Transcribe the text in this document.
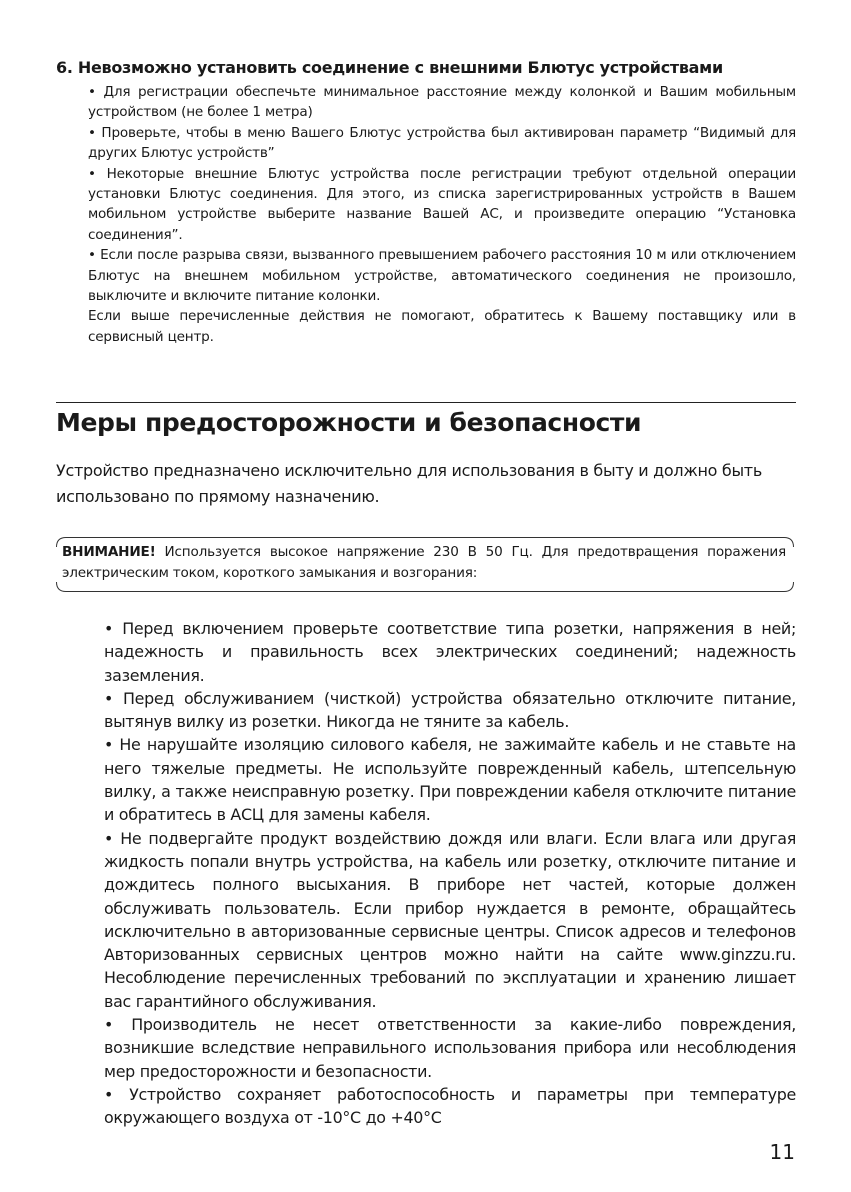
6. Невозможно установить соединение с внешними Блютус устройствами

• Для регистрации обеспечьте минимальное расстояние между колонкой и Вашим мобильным устройством (не более 1 метра)

• Проверьте, чтобы в меню Вашего Блютус устройства был активирован параметр “Видимый для других Блютус устройств”

• Некоторые внешние Блютус устройства после регистрации требуют отдельной операции установки Блютус соединения. Для этого, из списка зарегистрированных устройств в Вашем мобильном устройстве выберите название Вашей АС, и произведите операцию “Установка соединения”.

• Если после разрыва связи, вызванного превышением рабочего расстояния 10 м или отключением Блютус на внешнем мобильном устройстве, автоматического соединения не произошло, выключите и включите питание колонки.

Если выше перечисленные действия не помогают, обратитесь к Вашему поставщику или в сервисный центр.

Меры предосторожности и безопасности
Устройство предназначено исключительно для использования в быту и должно быть использовано по прямому назначению.
ВНИМАНИЕ! Используется высокое напряжение 230 В 50 Гц. Для предотвращения поражения электрическим током, короткого замыкания и возгорания:

• Перед включением проверьте соответствие типа розетки, напряжения в ней; надежность и правильность всех электрических соединений; надежность заземления.

• Перед обслуживанием (чисткой) устройства обязательно отключите питание, вытянув вилку из розетки. Никогда не тяните за кабель.

• Не нарушайте изоляцию силового кабеля, не зажимайте кабель и не ставьте на него тяжелые предметы. Не используйте поврежденный кабель, штепсельную вилку, а также неисправную розетку. При повреждении кабеля отключите питание и обратитесь в АСЦ для замены кабеля.

• Не подвергайте продукт воздействию дождя или влаги. Если влага или другая жидкость попали внутрь устройства, на кабель или розетку, отключите питание и дождитесь полного высыхания. В приборе нет частей, которые должен обслуживать пользователь. Если прибор нуждается в ремонте, обращайтесь исключительно в авторизованные сервисные центры. Список адресов и телефонов Авторизованных сервисных центров можно найти на сайте www.ginzzu.ru. Несоблюдение перечисленных требований по эксплуатации и хранению лишает вас гарантийного обслуживания.

• Производитель не несет ответственности за какие-либо повреждения, возникшие вследствие неправильного использования прибора или несоблюдения мер предосторожности и безопасности.

• Устройство сохраняет работоспособность и параметры при температуре окружающего воздуха от -10°С до +40°С

11
